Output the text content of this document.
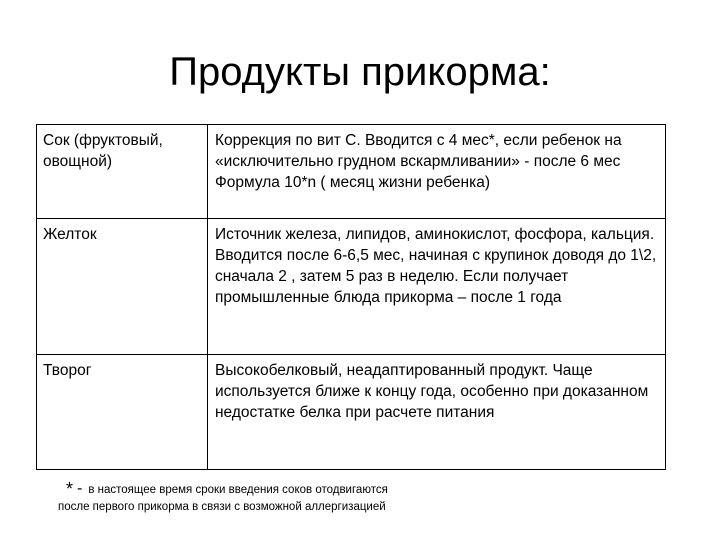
Продукты прикорма:
Сок (фруктовый, овощной)

Коррекция по вит С. Вводится с 4 мес*, если ребенок на «исключительно грудном вскармливании» - после 6 мес

Формула 10*n ( месяц жизни ребенка)

Желток	Источник железа, липидов, аминокислот, фосфора, кальция.

Вводится после 6-6,5 мес, начиная с крупинок доводя до 1\2, сначала 2 , затем 5 раз в неделю. Если получает промышленные блюда прикорма – после 1 года

Творог	Высокобелковый, неадаптированный продукт. Чаще используется ближе к концу года, особенно при доказанном недостатке белка при расчете питания

* - в настоящее время сроки введения соков отодвигаются
после первого прикорма в связи с возможной аллергизацией
